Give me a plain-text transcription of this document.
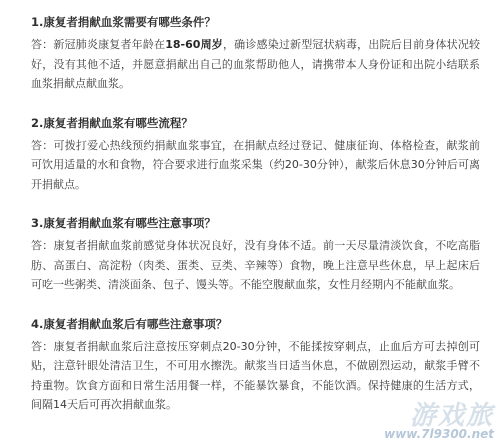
1.康复者捐献血浆需要有哪些条件？

答：新冠肺炎康复者年龄在18-60周岁，确诊感染过新型冠状病毒，出院后目前身体状况较好，没有其他不适，并愿意捐献出自己的血浆帮助他人，请携带本人身份证和出院小结联系血浆捐献点献血浆。

2.康复者捐献血浆有哪些流程？

答：可拨打爱心热线预约捐献血浆事宜，在捐献点经过登记、健康征询、体格检查，献浆前可饮用适量的水和食物，符合要求进行血浆采集（约20-30分钟），献浆后休息30分钟后可离开捐献点。

3.康复者捐献血浆有哪些注意事项？

答：康复者捐献血浆前感觉身体状况良好，没有身体不适。前一天尽量清淡饮食，不吃高脂肪、高蛋白、高淀粉（肉类、蛋类、豆类、辛辣等）食物，晚上注意早些休息，早上起床后可吃一些粥类、清淡面条、包子、馒头等。不能空腹献血浆，女性月经期内不能献血浆。

4.康复者捐献血浆后有哪些注意事项？

答：康复者捐献血浆后注意按压穿刺点20-30分钟，不能揉按穿刺点，止血后方可去掉创可贴，注意针眼处清洁卫生，不可用水擦洗。献浆当日适当休息，不做剧烈运动，献浆手臂不持重物。饮食方面和日常生活用餐一样，不能暴饮暴食，不能饮酒。保持健康的生活方式，间隔14天后可再次捐献血浆。	游戏旅
www.7l9300.net
